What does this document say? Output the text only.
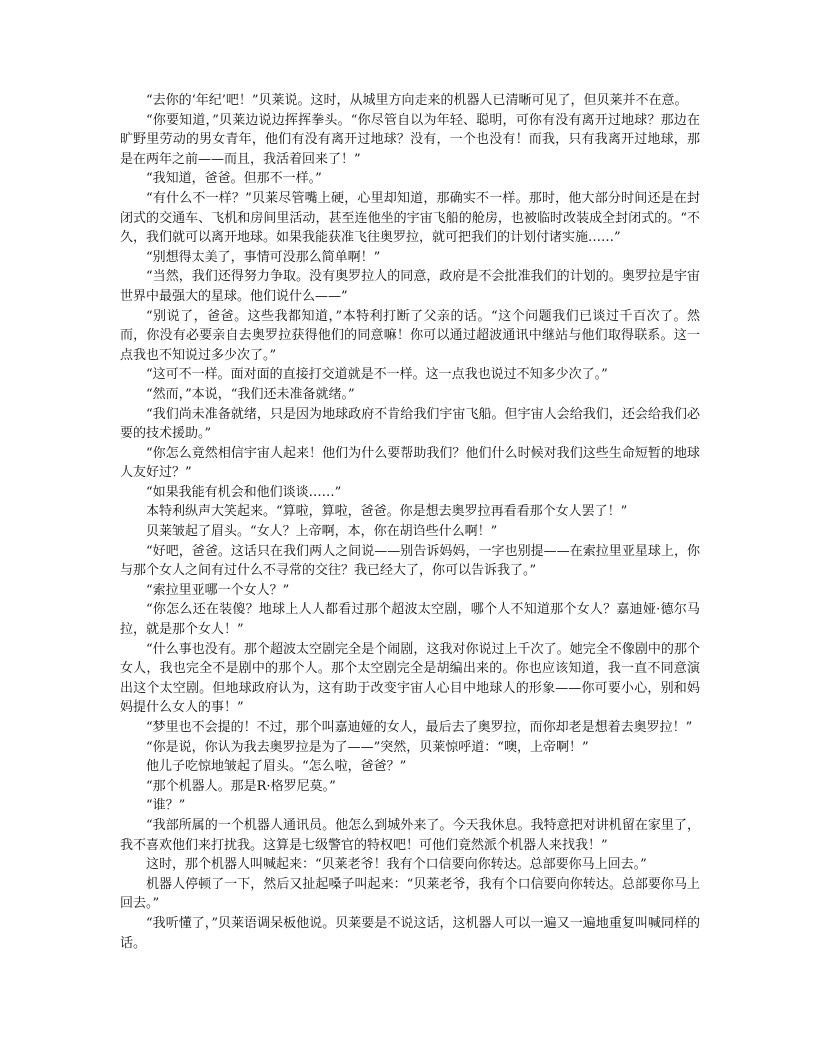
“去你的‘年纪’吧！”贝莱说。这时，从城里方向走来的机器人已清晰可见了，但贝莱并不在意。

“你要知道，”贝莱边说边挥挥拳头。“你尽管自以为年轻、聪明，可你有没有离开过地球？那边在旷野里劳动的男女青年，他们有没有离开过地球？没有，一个也没有！而我，只有我离开过地球，那是在两年之前——而且，我活着回来了！”

“我知道，爸爸。但那不一样。”

“有什么不一样？”贝莱尽管嘴上硬，心里却知道，那确实不一样。那时，他大部分时间还是在封闭式的交通车、飞机和房间里活动，甚至连他坐的宇宙飞船的舱房，也被临时改装成全封闭式的。“不久，我们就可以离开地球。如果我能获准飞往奥罗拉，就可把我们的计划付诸实施……”

“别想得太美了，事情可没那么简单啊！”

“当然，我们还得努力争取。没有奥罗拉人的同意，政府是不会批准我们的计划的。奥罗拉是宇宙世界中最强大的星球。他们说什么——”

“别说了，爸爸。这些我都知道，”本特利打断了父亲的话。“这个问题我们已谈过千百次了。然而，你没有必要亲自去奥罗拉获得他们的同意嘛！你可以通过超波通讯中继站与他们取得联系。这一点我也不知说过多少次了。”

“这可不一样。面对面的直接打交道就是不一样。这一点我也说过不知多少次了。”

“然而，”本说，“我们还未准备就绪。”

“我们尚未准备就绪，只是因为地球政府不肯给我们宇宙飞船。但宇宙人会给我们，还会给我们必要的技术援助。”

“你怎么竟然相信宇宙人起来！他们为什么要帮助我们？他们什么时候对我们这些生命短暂的地球人友好过？”

“如果我能有机会和他们谈谈……”

本特利纵声大笑起来。“算啦，算啦，爸爸。你是想去奥罗拉再看看那个女人罢了！”

贝莱皱起了眉头。“女人？上帝啊，本，你在胡诌些什么啊！”

“好吧，爸爸。这话只在我们两人之间说——别告诉妈妈，一字也别提——在索拉里亚星球上，你与那个女人之间有过什么不寻常的交往？我已经大了，你可以告诉我了。”

“索拉里亚哪一个女人？”

“你怎么还在装傻？地球上人人都看过那个超波太空剧，哪个人不知道那个女人？嘉迪娅·德尔马拉，就是那个女人！”

“什么事也没有。那个超波太空剧完全是个闹剧，这我对你说过上千次了。她完全不像剧中的那个女人，我也完全不是剧中的那个人。那个太空剧完全是胡编出来的。你也应该知道，我一直不同意演出这个太空剧。但地球政府认为，这有助于改变宇宙人心目中地球人的形象——你可要小心，别和妈妈提什么女人的事！”

“梦里也不会提的！不过，那个叫嘉迪娅的女人，最后去了奥罗拉，而你却老是想着去奥罗拉！”

“你是说，你认为我去奥罗拉是为了——”突然，贝莱惊呼道：“噢，上帝啊！”

他儿子吃惊地皱起了眉头。“怎么啦，爸爸？”

“那个机器人。那是R·格罗尼莫。”

“谁？”

“我部所属的一个机器人通讯员。他怎么到城外来了。今天我休息。我特意把对讲机留在家里了，我不喜欢他们来打扰我。这算是七级警官的特权吧！可他们竟然派个机器人来找我！”

这时，那个机器人叫喊起来：“贝莱老爷！我有个口信要向你转达。总部要你马上回去。”

机器人停顿了一下，然后又扯起嗓子叫起来：“贝莱老爷，我有个口信要向你转达。总部要你马上回去。”

“我听懂了，”贝莱语调呆板他说。贝莱要是不说这话，这机器人可以一遍又一遍地重复叫喊同样的话。
